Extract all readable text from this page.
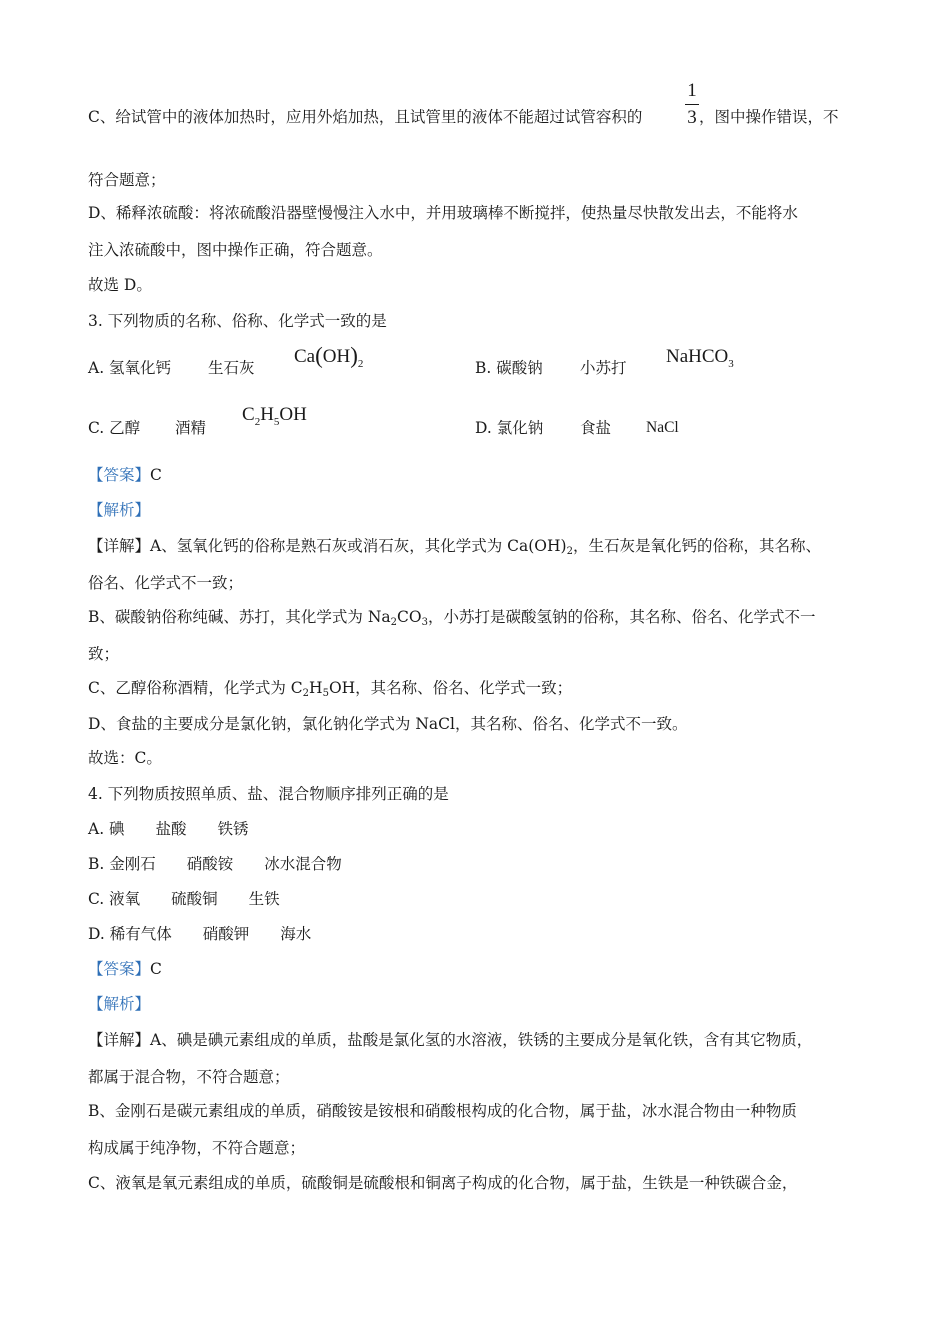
C、给试管中的液体加热时，应用外焰加热，且试管里的液体不能超过试管容积的
1
3 ，图中操作错误，不
符合题意；
D、稀释浓硫酸：将浓硫酸沿器壁慢慢注入水中，并用玻璃棒不断搅拌，使热量尽快散发出去，不能将水
注入浓硫酸中，图中操作正确，符合题意。
故选 D。
3. 下列物质的名称、俗称、化学式一致的是
A. 氢氧化钙 生石灰
$Ca(OH)_2$	B. 碳酸钠 小苏打
NaHCO$_3$
C. 乙醇 酒精
$C_2H_5OH$
D. 氯化钠 食盐 NaCl
【答案】C
【解析】
【详解】A、氢氧化钙的俗称是熟石灰或消石灰，其化学式为 Ca(OH)2，生石灰是氧化钙的俗称，其名称、
俗名、化学式不一致；
B、碳酸钠俗称纯碱、苏打，其化学式为 Na2CO3，小苏打是碳酸氢钠的俗称，其名称、俗名、化学式不一
致；
C、乙醇俗称酒精，化学式为 C2H5OH，其名称、俗名、化学式一致；
D、食盐的主要成分是氯化钠，氯化钠化学式为 NaCl，其名称、俗名、化学式不一致。
故选：C。
4. 下列物质按照单质、盐、混合物顺序排列正确的是
A. 碘　　盐酸　　铁锈
B. 金刚石　　硝酸铵　　冰水混合物
C. 液氧　　硫酸铜　　生铁
D. 稀有气体　　硝酸钾　　海水
【答案】C
【解析】
【详解】A、碘是碘元素组成的单质，盐酸是氯化氢的水溶液，铁锈的主要成分是氧化铁，含有其它物质，
都属于混合物，不符合题意；
B、金刚石是碳元素组成的单质，硝酸铵是铵根和硝酸根构成的化合物，属于盐，冰水混合物由一种物质
构成属于纯净物，不符合题意；
C、液氧是氧元素组成的单质，硫酸铜是硫酸根和铜离子构成的化合物，属于盐，生铁是一种铁碳合金，
